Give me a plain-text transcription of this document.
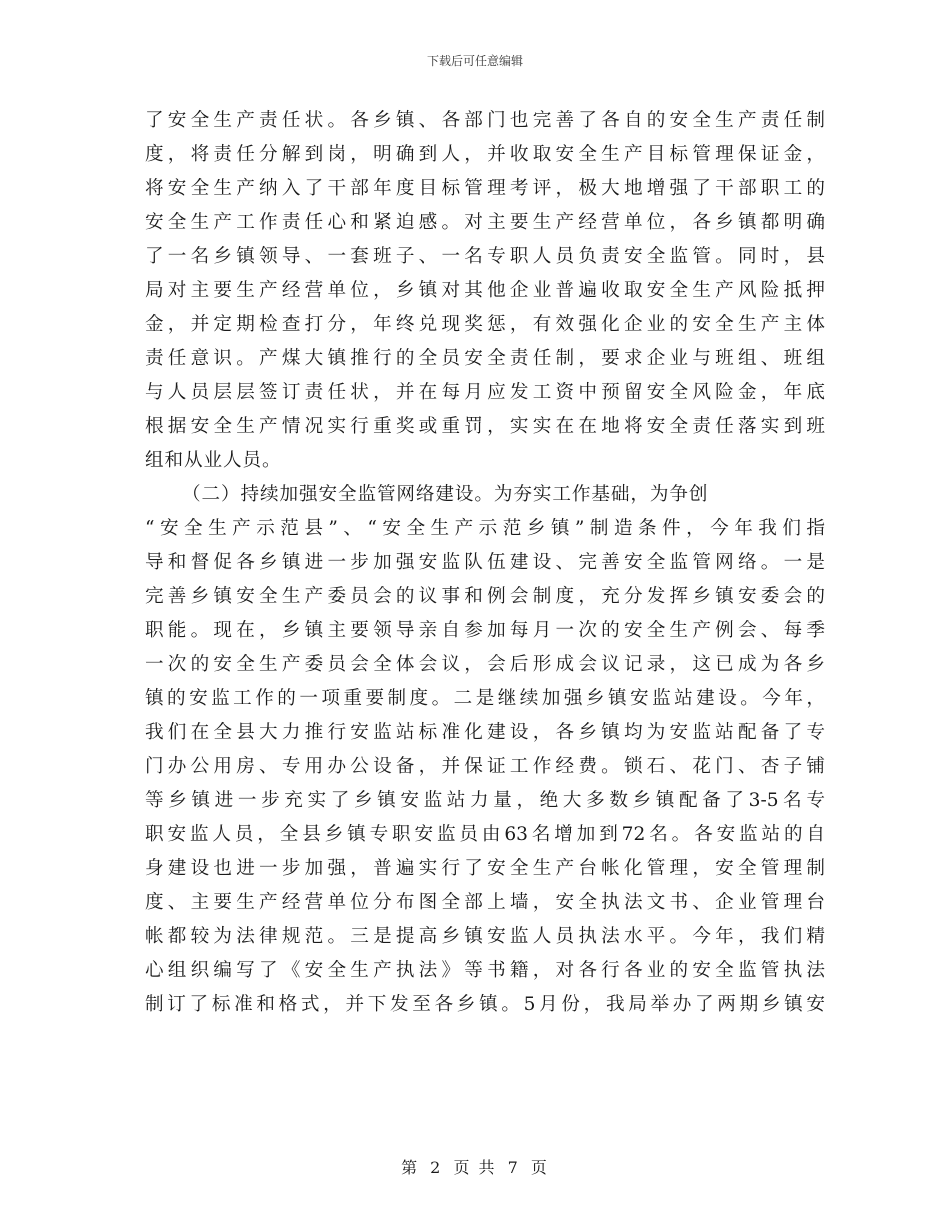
下载后可任意编辑
了安全生产责任状。各乡镇、各部门也完善了各自的安全生产责任制
度，将责任分解到岗，明确到人，并收取安全生产目标管理保证金，
将安全生产纳入了干部年度目标管理考评，极大地增强了干部职工的
安全生产工作责任心和紧迫感。对主要生产经营单位，各乡镇都明确
了一名乡镇领导、一套班子、一名专职人员负责安全监管。同时，县
局对主要生产经营单位，乡镇对其他企业普遍收取安全生产风险抵押
金，并定期检查打分，年终兑现奖惩，有效强化企业的安全生产主体
责任意识。产煤大镇推行的全员安全责任制，要求企业与班组、班组
与人员层层签订责任状，并在每月应发工资中预留安全风险金，年底
根据安全生产情况实行重奖或重罚，实实在在地将安全责任落实到班
组和从业人员。
（二）持续加强安全监管网络建设。为夯实工作基础，为争创
“安全生产示范县”、“安全生产示范乡镇”制造条件，今年我们指
导和督促各乡镇进一步加强安监队伍建设、完善安全监管网络。一是
完善乡镇安全生产委员会的议事和例会制度，充分发挥乡镇安委会的
职能。现在，乡镇主要领导亲自参加每月一次的安全生产例会、每季
一次的安全生产委员会全体会议，会后形成会议记录，这已成为各乡
镇的安监工作的一项重要制度。二是继续加强乡镇安监站建设。今年，
我们在全县大力推行安监站标准化建设，各乡镇均为安监站配备了专
门办公用房、专用办公设备，并保证工作经费。锁石、花门、杏子铺
等乡镇进一步充实了乡镇安监站力量，绝大多数乡镇配备了3-5名专
职安监人员，全县乡镇专职安监员由63名增加到72名。各安监站的自
身建设也进一步加强，普遍实行了安全生产台帐化管理，安全管理制
度、主要生产经营单位分布图全部上墙，安全执法文书、企业管理台
帐都较为法律规范。三是提高乡镇安监人员执法水平。今年，我们精
心组织编写了《安全生产执法》等书籍，对各行各业的安全监管执法
制订了标准和格式，并下发至各乡镇。5月份，我局举办了两期乡镇安
第 2 页 共 7 页
